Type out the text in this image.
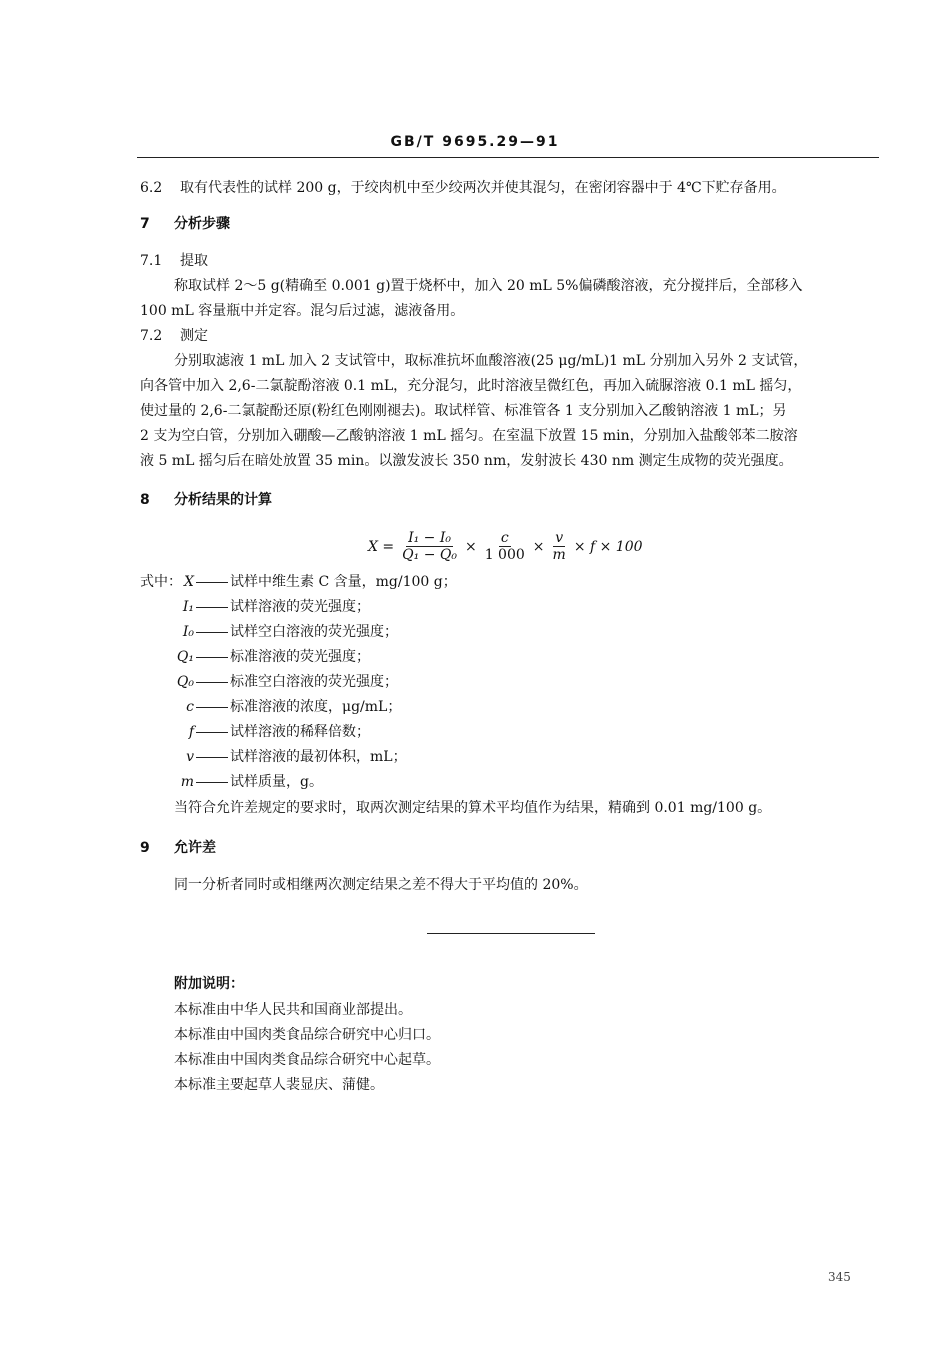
GB/T 9695.29—91
6.2 取有代表性的试样 200 g，于绞肉机中至少绞两次并使其混匀，在密闭容器中于 4℃下贮存备用。
7 分析步骤
7.1 提取
称取试样 2～5 g(精确至 0.001 g)置于烧杯中，加入 20 mL 5%偏磷酸溶液，充分搅拌后，全部移入
100 mL 容量瓶中并定容。混匀后过滤，滤液备用。
7.2 测定
分别取滤液 1 mL 加入 2 支试管中，取标准抗坏血酸溶液(25 μg/mL)1 mL 分别加入另外 2 支试管，
向各管中加入 2,6-二氯靛酚溶液 0.1 mL，充分混匀，此时溶液呈微红色，再加入硫脲溶液 0.1 mL 摇匀，
使过量的 2,6-二氯靛酚还原(粉红色刚刚褪去)。取试样管、标准管各 1 支分别加入乙酸钠溶液 1 mL；另
2 支为空白管，分别加入硼酸—乙酸钠溶液 1 mL 摇匀。在室温下放置 15 min，分别加入盐酸邻苯二胺溶
液 5 mL 摇匀后在暗处放置 35 min。以激发波长 350 nm，发射波长 430 nm 测定生成物的荧光强度。
8 分析结果的计算
$X = \frac{\text{I₁ − I₀}}{\text{Q₁ − Q₀}} \times \frac{c}{1 000} \times \frac{v}{m} \times f \times 100$
式中： X	试样中维生素 C 含量，mg/100 g；
I₁	试样溶液的荧光强度；
I₀	试样空白溶液的荧光强度；
Q₁	标准溶液的荧光强度；
Q₀	标准空白溶液的荧光强度；
c	标准溶液的浓度，μg/mL；
f	试样溶液的稀释倍数；
v	试样溶液的最初体积，mL；
m	试样质量，g。
当符合允许差规定的要求时，取两次测定结果的算术平均值作为结果，精确到 0.01 mg/100 g。
9 允许差
同一分析者同时或相继两次测定结果之差不得大于平均值的 20%。
附加说明：
本标准由中华人民共和国商业部提出。
本标准由中国肉类食品综合研究中心归口。
本标准由中国肉类食品综合研究中心起草。
本标准主要起草人裴显庆、蒲健。
345
